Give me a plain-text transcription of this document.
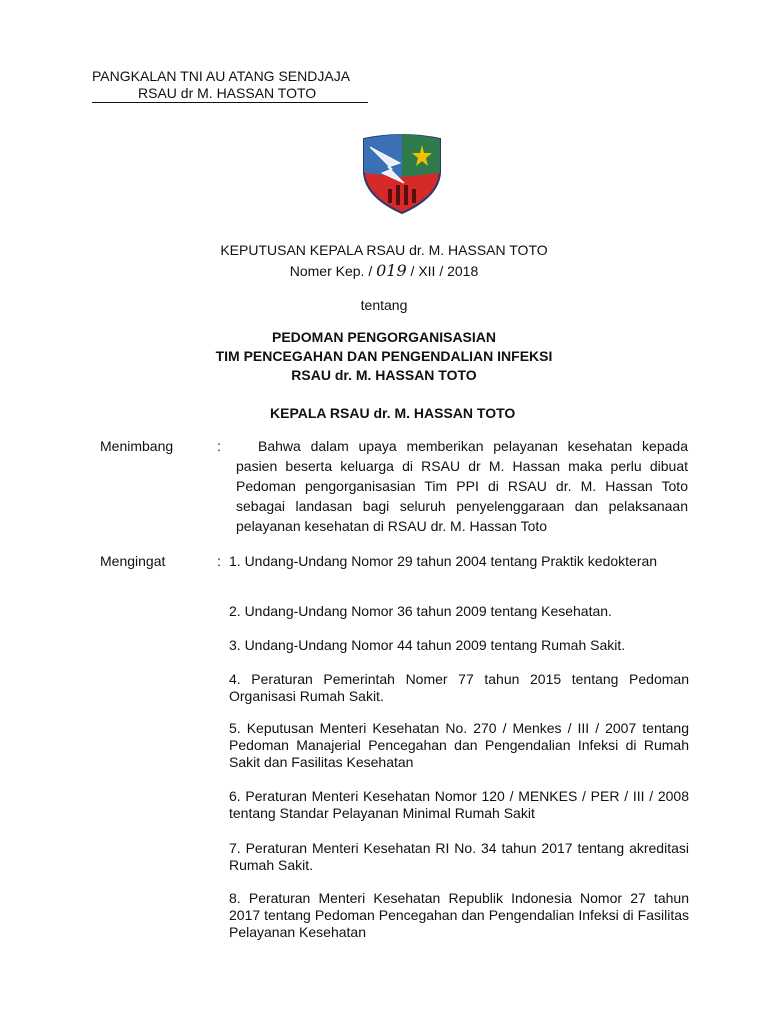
PANGKALAN TNI AU ATANG SENDJAJA
RSAU dr M. HASSAN TOTO
KEPUTUSAN KEPALA RSAU dr. M. HASSAN TOTO
Nomer Kep. / 019 / XII / 2018
tentang
PEDOMAN PENGORGANISASIAN
TIM PENCEGAHAN DAN PENGENDALIAN INFEKSI
RSAU dr. M. HASSAN TOTO
KEPALA RSAU dr. M. HASSAN TOTO
Menimbang	:	Bahwa dalam upaya memberikan pelayanan kesehatan kepada pasien beserta keluarga di RSAU dr M. Hassan maka perlu dibuat Pedoman pengorganisasian Tim PPI di RSAU dr. M. Hassan Toto sebagai landasan bagi seluruh penyelenggaraan dan pelaksanaan pelayanan kesehatan di RSAU dr. M. Hassan Toto
Mengingat	: 1. Undang-Undang Nomor 29 tahun 2004 tentang Praktik kedokteran
2. Undang-Undang Nomor 36 tahun 2009 tentang Kesehatan.
3. Undang-Undang Nomor 44 tahun 2009 tentang Rumah Sakit.
4. Peraturan Pemerintah Nomer 77 tahun 2015 tentang Pedoman Organisasi Rumah Sakit.
5. Keputusan Menteri Kesehatan No. 270 / Menkes / III / 2007 tentang Pedoman Manajerial Pencegahan dan Pengendalian Infeksi di Rumah Sakit dan Fasilitas Kesehatan
6. Peraturan Menteri Kesehatan Nomor 120 / MENKES / PER / III / 2008 tentang Standar Pelayanan Minimal Rumah Sakit
7. Peraturan Menteri Kesehatan RI No. 34 tahun 2017 tentang akreditasi Rumah Sakit.
8. Peraturan Menteri Kesehatan Republik Indonesia Nomor 27 tahun 2017 tentang Pedoman Pencegahan dan Pengendalian Infeksi di Fasilitas Pelayanan Kesehatan
